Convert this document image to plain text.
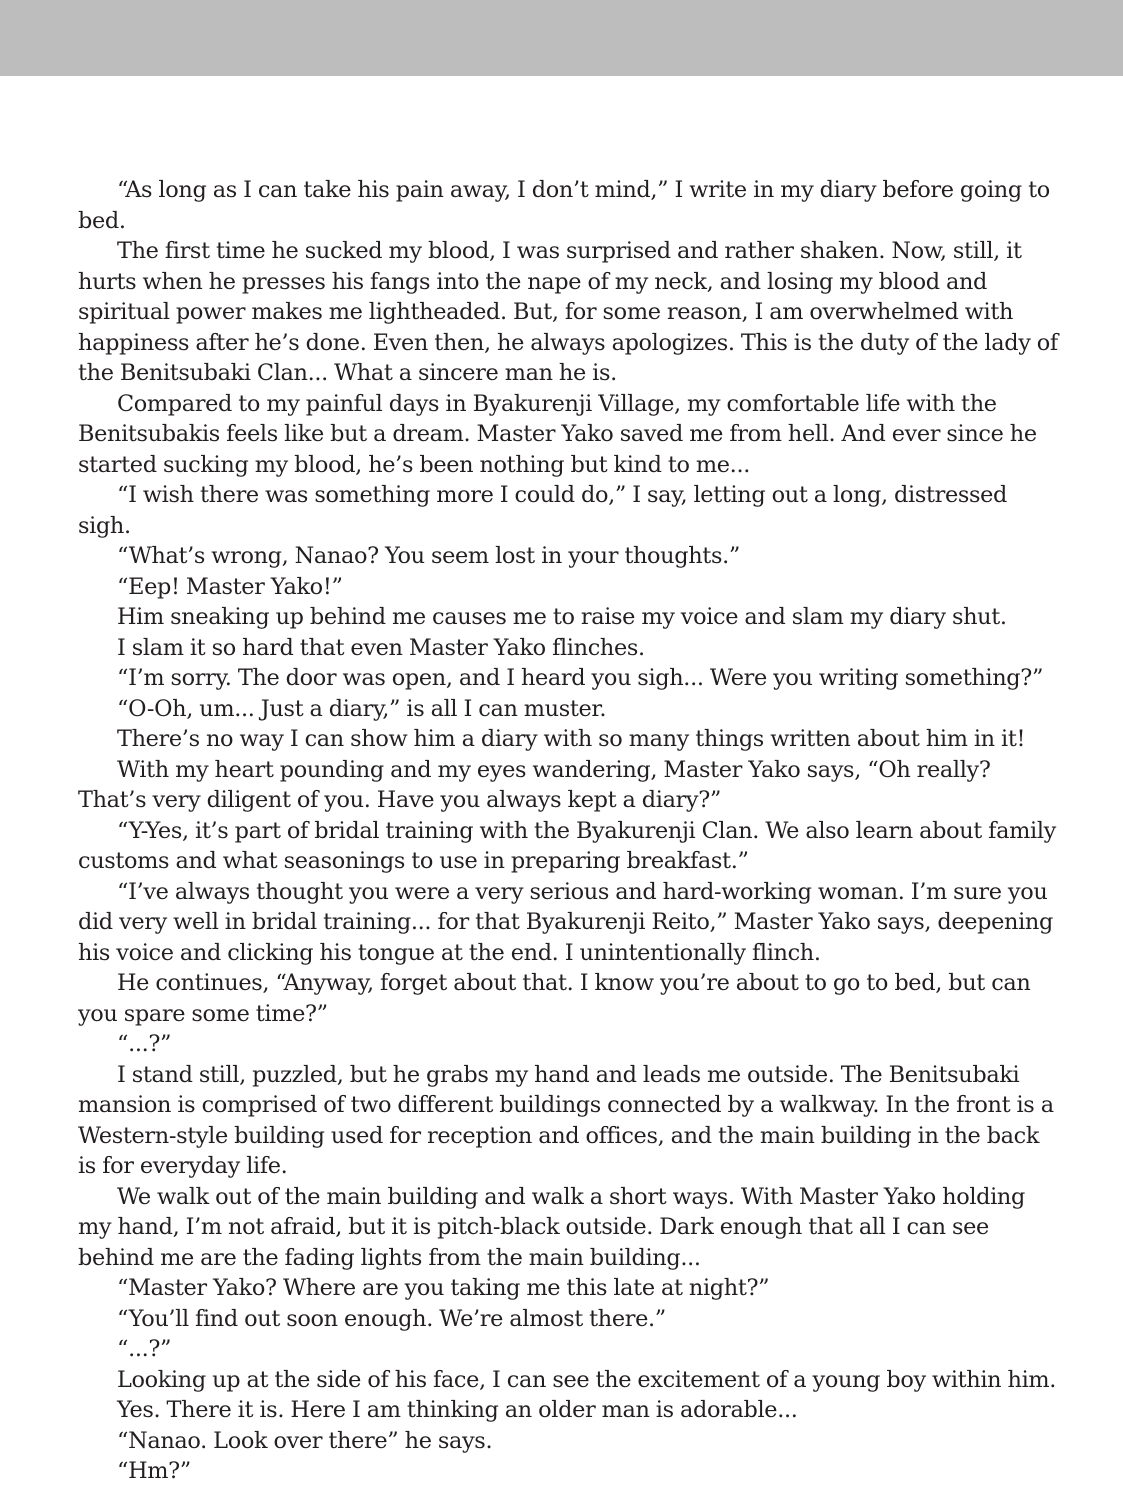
“As long as I can take his pain away, I don’t mind,” I write in my diary before going to bed.

The first time he sucked my blood, I was surprised and rather shaken. Now, still, it hurts when he presses his fangs into the nape of my neck, and losing my blood and spiritual power makes me lightheaded. But, for some reason, I am overwhelmed with happiness after he’s done. Even then, he always apologizes. This is the duty of the lady of the Benitsubaki Clan... What a sincere man he is.

Compared to my painful days in Byakurenji Village, my comfortable life with the Benitsubakis feels like but a dream. Master Yako saved me from hell. And ever since he started sucking my blood, he’s been nothing but kind to me...

“I wish there was something more I could do,” I say, letting out a long, distressed sigh.

“What’s wrong, Nanao? You seem lost in your thoughts.”

“Eep! Master Yako!”

Him sneaking up behind me causes me to raise my voice and slam my diary shut.

I slam it so hard that even Master Yako flinches.

“I’m sorry. The door was open, and I heard you sigh... Were you writing something?”

“O-Oh, um... Just a diary,” is all I can muster.

There’s no way I can show him a diary with so many things written about him in it!

With my heart pounding and my eyes wandering, Master Yako says, “Oh really? That’s very diligent of you. Have you always kept a diary?”

“Y-Yes, it’s part of bridal training with the Byakurenji Clan. We also learn about family customs and what seasonings to use in preparing breakfast.”

“I’ve always thought you were a very serious and hard-working woman. I’m sure you did very well in bridal training... for that Byakurenji Reito,” Master Yako says, deepening his voice and clicking his tongue at the end. I unintentionally flinch.

He continues, “Anyway, forget about that. I know you’re about to go to bed, but can you spare some time?”

“...?”

I stand still, puzzled, but he grabs my hand and leads me outside. The Benitsubaki mansion is comprised of two different buildings connected by a walkway. In the front is a Western-style building used for reception and offices, and the main building in the back is for everyday life.

We walk out of the main building and walk a short ways. With Master Yako holding my hand, I’m not afraid, but it is pitch-black outside. Dark enough that all I can see behind me are the fading lights from the main building...

“Master Yako? Where are you taking me this late at night?”

“You’ll find out soon enough. We’re almost there.”

“...?”

Looking up at the side of his face, I can see the excitement of a young boy within him.

Yes. There it is. Here I am thinking an older man is adorable...

“Nanao. Look over there” he says.

“Hm?”
